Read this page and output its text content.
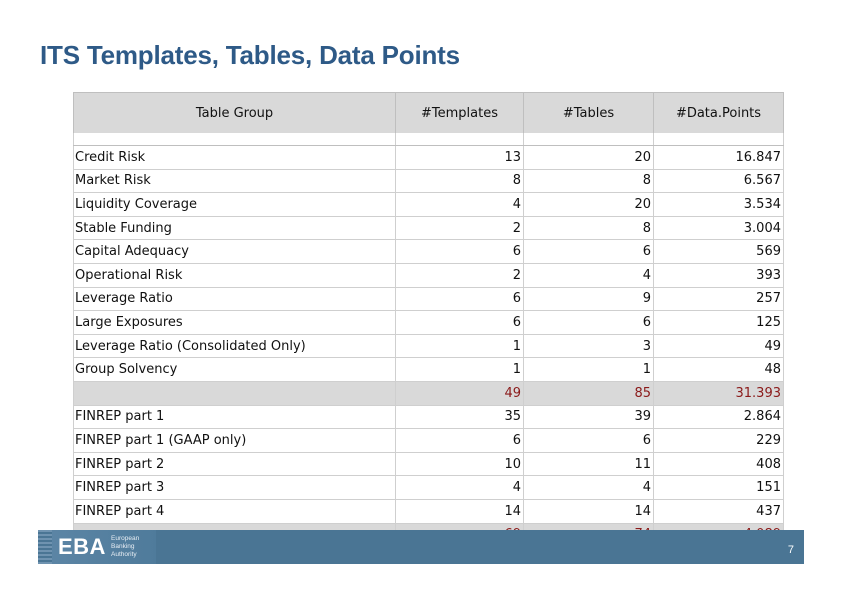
ITS Templates, Tables, Data Points
Table Group	#Templates	#Tables	#Data.Points

Credit Risk	13	20	16.847
Market Risk	8	8	6.567
Liquidity Coverage	4	20	3.534
Stable Funding	2	8	3.004
Capital Adequacy	6	6	569
Operational Risk	2	4	393
Leverage Ratio	6	9	257
Large Exposures	6	6	125
Leverage Ratio (Consolidated Only)	1	3	49
Group Solvency	1	1	48
	49	85	31.393
FINREP part 1	35	39	2.864
FINREP part 1 (GAAP only)	6	6	229
FINREP part 2	10	11	408
FINREP part 3	4	4	151
FINREP part 4	14	14	437

EBA European
Banking
Authority	7
